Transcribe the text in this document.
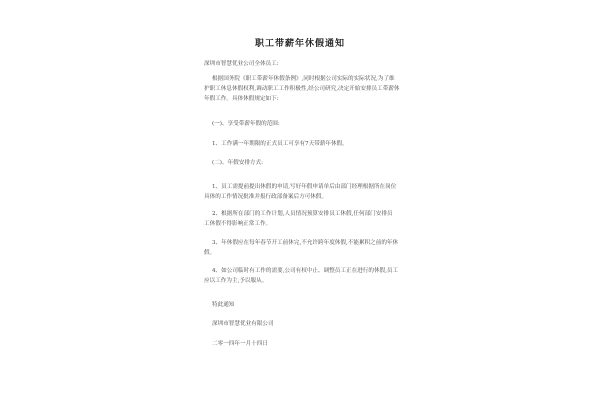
职工带薪年休假通知
深圳市智慧优业公司全体员工:
根据国务院《职工带薪年休假条例》,同时根据公司实际的实际状况,为了维
护职工休息休假权利,调动职工工作积极性,经公司研究,决定开始安排员工带薪休
年假工作。具体休假规定如下:
(一)、享受带薪年假的范围:
1、工作满一年期限的正式员工可享有7天带薪年休假。
(二)、年假安排方式:
1、员工需提前提出休假的申请,写好年假申请单后由部门经理根据所在岗位
具体的工作情况批准并报行政部备案后方可休假。
2、根据所在部门的工作计划,人员情况预算安排员工休假,任何部门安排员
工休假不得影响正常工作。
3、年休假应在每年春节开工前休完,不允许跨年度休假,不能累积之前的年休
假。
4、如公司临时有工作的需要,公司有权中止、调整员工正在进行的休假,员工
应以工作为主,予以服从。
特此通知
深圳市智慧优业有限公司
二零一四年一月十四日
